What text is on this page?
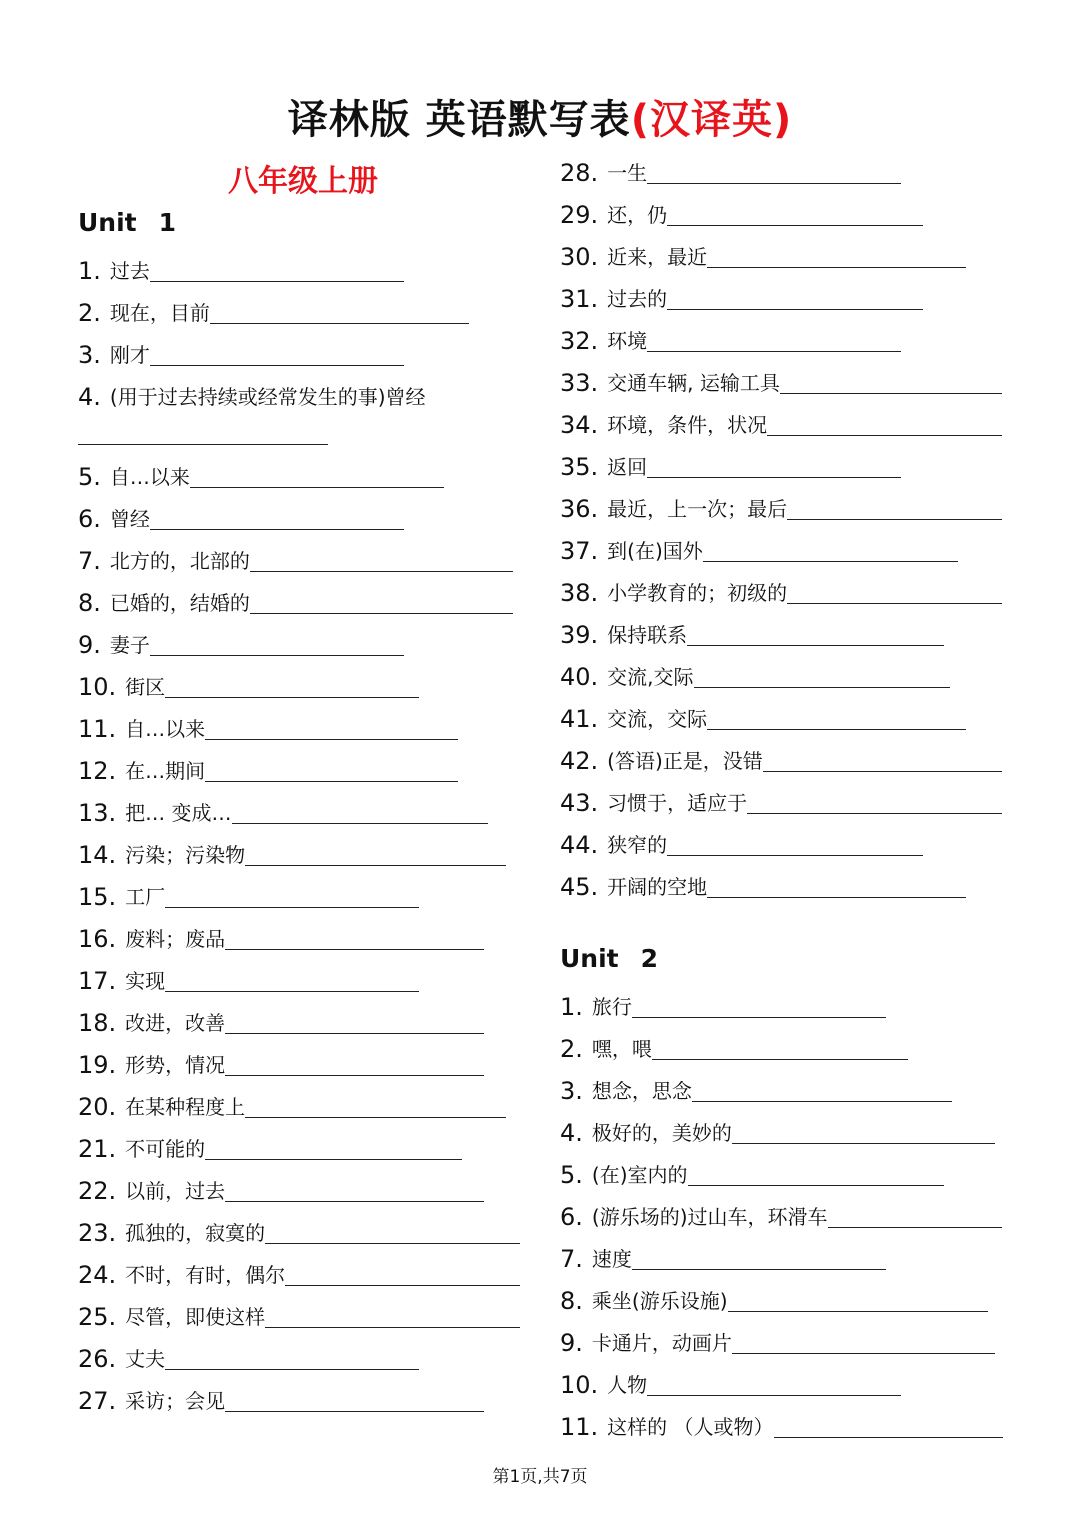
译林版 英语默写表(汉译英)
八年级上册
Unit 1
1. 过去
2. 现在，目前
3. 刚才
4. (用于过去持续或经常发生的事)曾经
5. 自…以来
6. 曾经
7. 北方的，北部的
8. 已婚的，结婚的
9. 妻子
10. 街区
11. 自…以来
12. 在…期间
13. 把… 变成…
14. 污染；污染物
15. 工厂
16. 废料；废品
17. 实现
18. 改进，改善
19. 形势，情况
20. 在某种程度上
21. 不可能的
22. 以前，过去
23. 孤独的，寂寞的
24. 不时，有时，偶尔
25. 尽管，即使这样
26. 丈夫
27. 采访；会见
Unit 2
28. 一生
29. 还，仍
30. 近来，最近
31. 过去的
32. 环境
33. 交通车辆, 运输工具
34. 环境，条件，状况
35. 返回
36. 最近，上一次；最后
37. 到(在)国外
38. 小学教育的；初级的
39. 保持联系
40. 交流,交际
41. 交流，交际
42. (答语)正是，没错
43. 习惯于，适应于
44. 狭窄的
45. 开阔的空地
1. 旅行
2. 嘿，喂
3. 想念，思念
4. 极好的，美妙的
5. (在)室内的
6. (游乐场的)过山车，环滑车
7. 速度
8. 乘坐(游乐设施)
9. 卡通片，动画片
10. 人物
11. 这样的 （人或物）
第1页,共7页
